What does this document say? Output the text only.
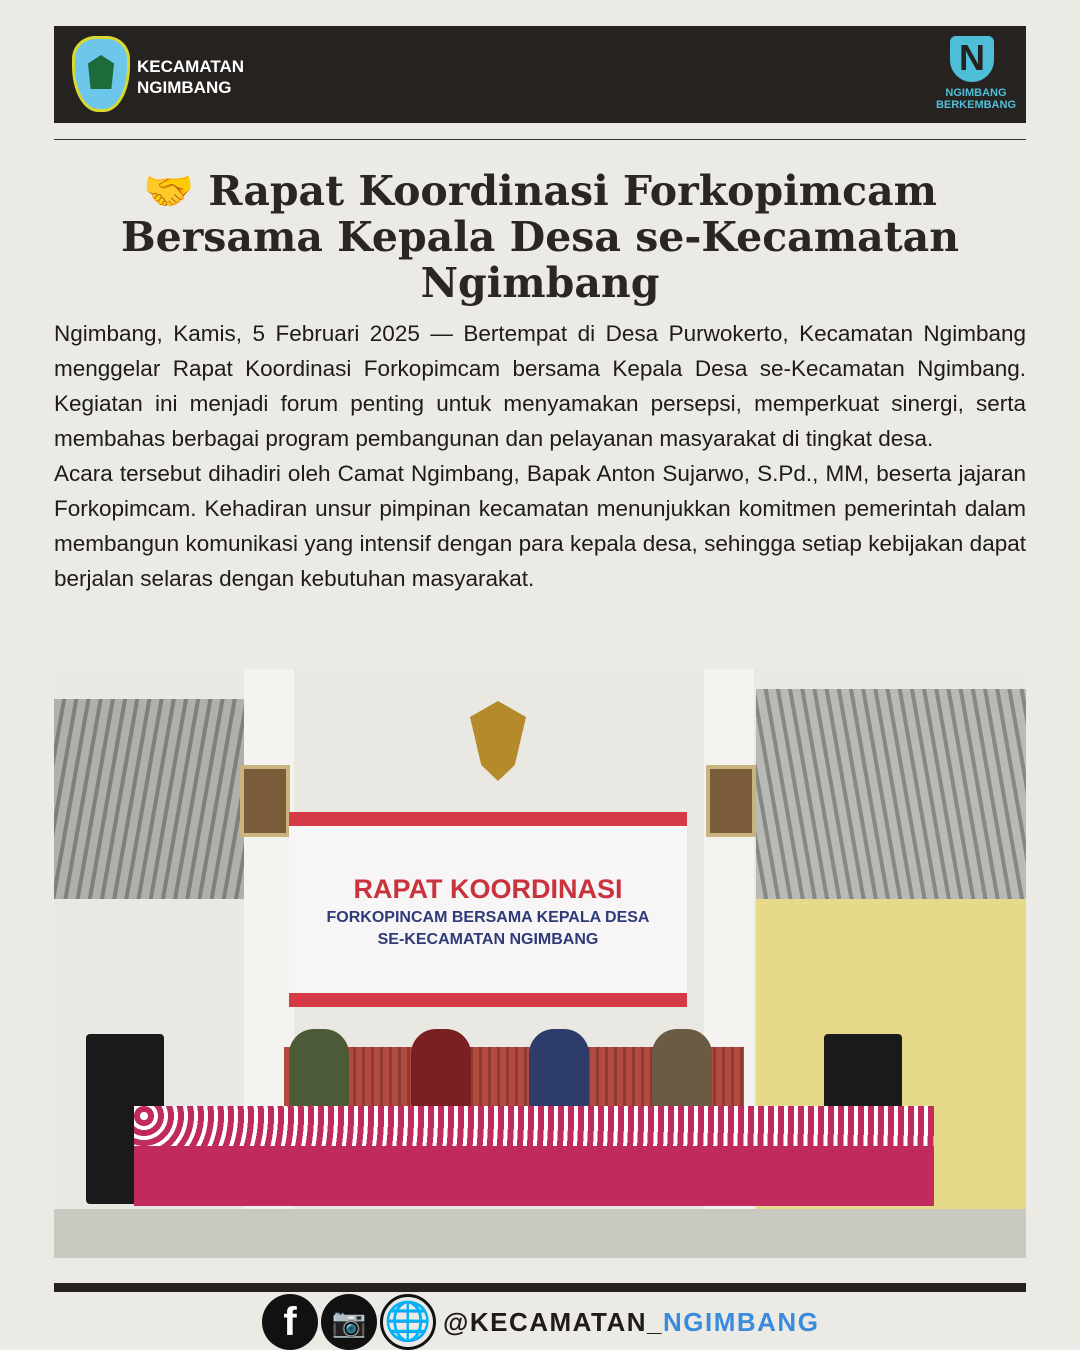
KECAMATAN
NGIMBANG
N
NGIMBANG
BERKEMBANG
🤝 Rapat Koordinasi Forkopimcam Bersama Kepala Desa se-Kecamatan Ngimbang

Ngimbang, Kamis, 5 Februari 2025 — Bertempat di Desa Purwokerto, Kecamatan Ngimbang menggelar Rapat Koordinasi Forkopimcam bersama Kepala Desa se-Kecamatan Ngimbang. Kegiatan ini menjadi forum penting untuk menyamakan persepsi, memperkuat sinergi, serta membahas berbagai program pembangunan dan pelayanan masyarakat di tingkat desa.

Acara tersebut dihadiri oleh Camat Ngimbang, Bapak Anton Sujarwo, S.Pd., MM, beserta jajaran Forkopimcam. Kehadiran unsur pimpinan kecamatan menunjukkan komitmen pemerintah dalam membangun komunikasi yang intensif dengan para kepala desa, sehingga setiap kebijakan dapat berjalan selaras dengan kebutuhan masyarakat.

RAPAT KOORDINASI
FORKOPINCAM BERSAMA KEPALA DESA
SE-KECAMATAN NGIMBANG
f	📷 🌐 @KECAMATAN_NGIMBANG
